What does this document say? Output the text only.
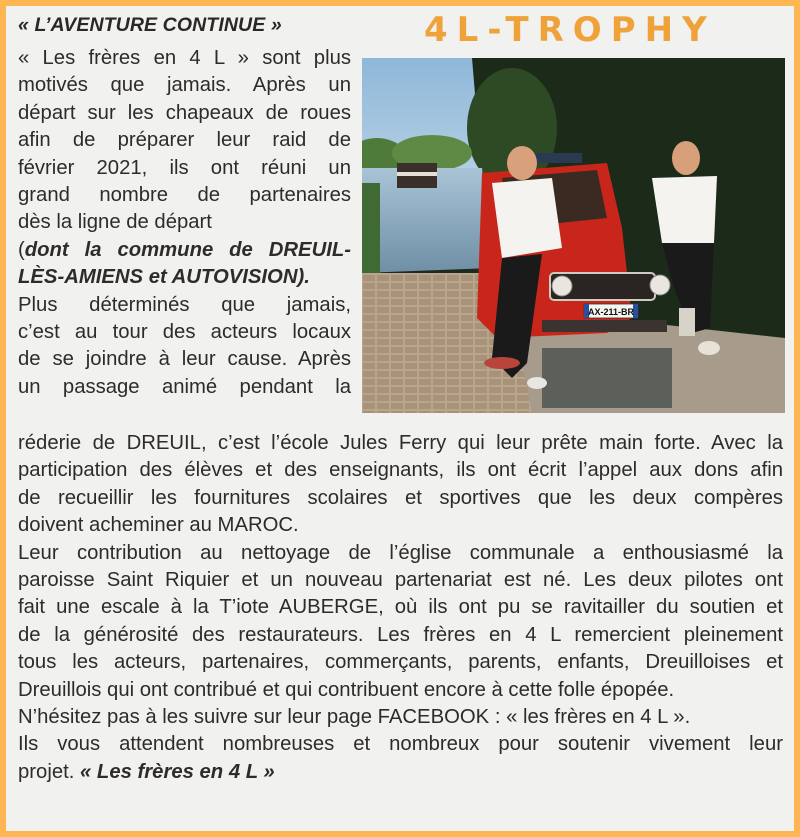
« L’AVENTURE CONTINUE »	4L-TROPHY
« Les frères en 4 L » sont plus
motivés que jamais. Après un
départ sur les chapeaux de roues
afin de préparer leur raid de
février 2021, ils ont réuni un
grand nombre de partenaires
dès la ligne de départ
(dont la commune de DREUIL-
LÈS-AMIENS et AUTOVISION).
Plus déterminés que jamais,
c’est au tour des acteurs locaux
de se joindre à leur cause. Après
un passage animé pendant la
AX-211-BR
réderie de DREUIL, c’est l’école Jules Ferry qui leur prête main forte. Avec la
participation des élèves et des enseignants, ils ont écrit l’appel aux dons afin
de recueillir les fournitures scolaires et sportives que les deux compères
doivent acheminer au MAROC.
Leur contribution au nettoyage de l’église communale a enthousiasmé la
paroisse Saint Riquier et un nouveau partenariat est né. Les deux pilotes ont
fait une escale à la T’iote AUBERGE, où ils ont pu se ravitailler du soutien et
de la générosité des restaurateurs. Les frères en 4 L remercient pleinement
tous les acteurs, partenaires, commerçants, parents, enfants, Dreuilloises et
Dreuillois qui ont contribué et qui contribuent encore à cette folle épopée.
N’hésitez pas à les suivre sur leur page FACEBOOK : « les frères en 4 L ».
Ils vous attendent nombreuses et nombreux pour soutenir vivement leur
projet. « Les frères en 4 L »
